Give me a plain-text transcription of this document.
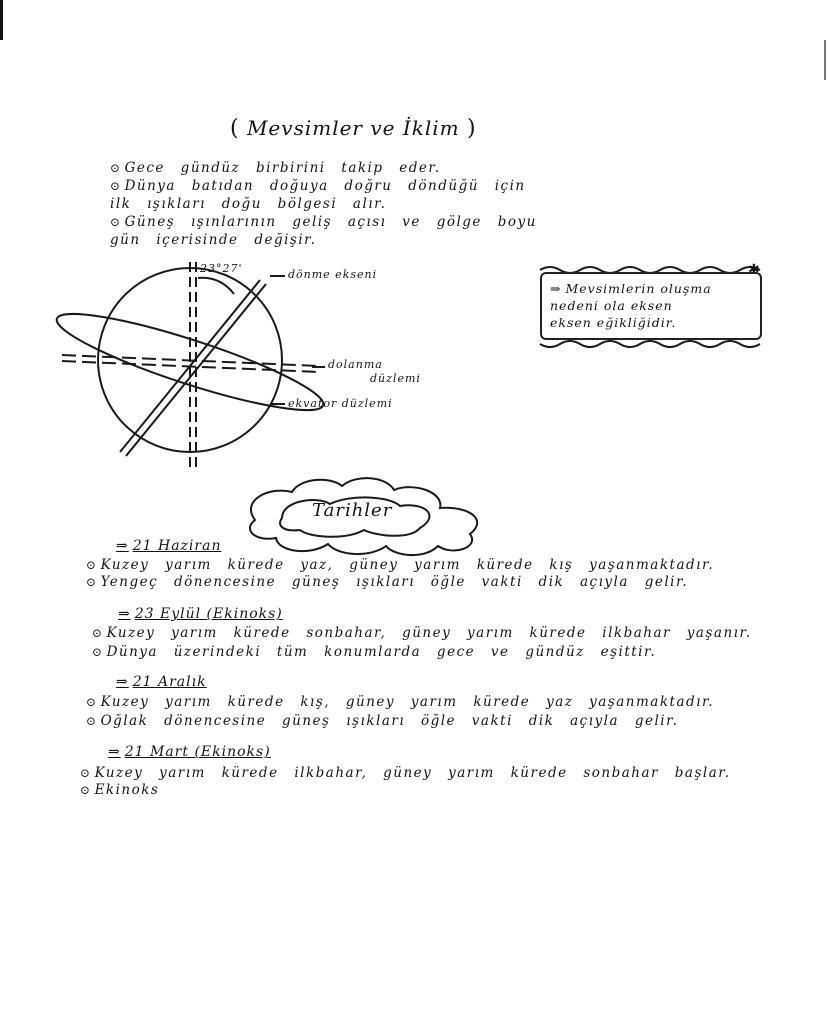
( Mevsimler ve İklim )
⊙ Gece gündüz birbirini takip eder.
⊙ Dünya batıdan doğuya doğru döndüğü için
ilk ışıkları doğu bölgesi alır.
⊙ Güneş ışınlarının geliş açısı ve gölge boyu
gün içerisinde değişir.
23°27'	dönme ekseni
dolanma
düzlemi
ekvator düzlemi
✱
⇒ Mevsimlerin oluşma
nedeni ola eksen
eksen eğikliğidir.
Tarihler
⇒ 21 Haziran
⊙ Kuzey yarım kürede yaz, güney yarım kürede kış yaşanmaktadır.
⊙ Yengeç dönencesine güneş ışıkları öğle vakti dik açıyla gelir.
⇒ 23 Eylül (Ekinoks)
⊙ Kuzey yarım kürede sonbahar, güney yarım kürede ilkbahar yaşanır.
⊙ Dünya üzerindeki tüm konumlarda gece ve gündüz eşittir.
⇒ 21 Aralık
⊙ Kuzey yarım kürede kış, güney yarım kürede yaz yaşanmaktadır.
⊙ Oğlak dönencesine güneş ışıkları öğle vakti dik açıyla gelir.
⇒ 21 Mart (Ekinoks)
⊙ Kuzey yarım kürede ilkbahar, güney yarım kürede sonbahar başlar.
⊙ Ekinoks
